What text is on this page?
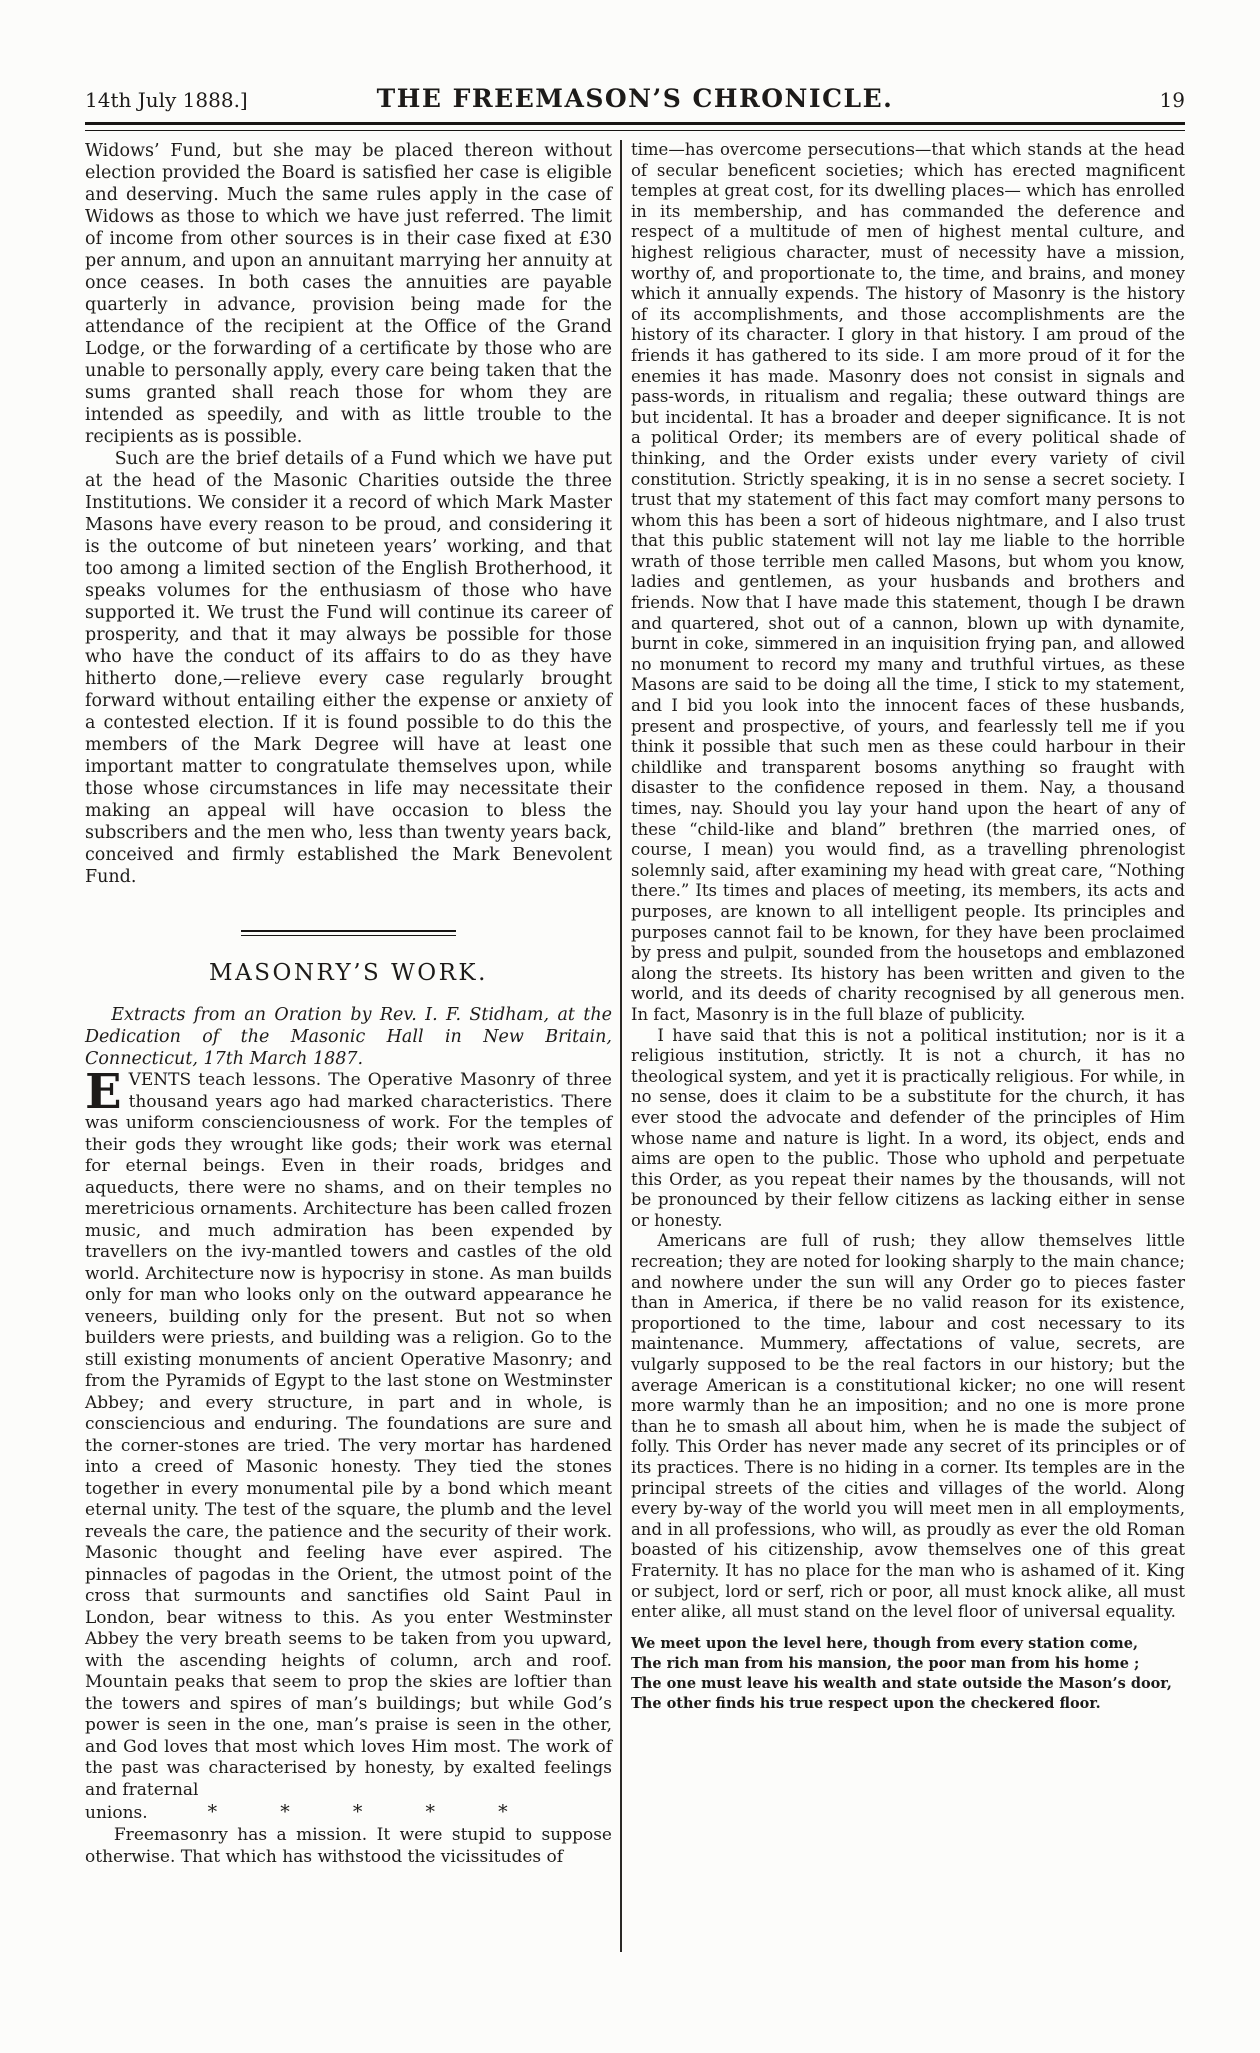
14th July 1888.]	THE FREEMASON’S CHRONICLE.	19

Widows’ Fund, but she may be placed thereon without election provided the Board is satisfied her case is eligible and deserving. Much the same rules apply in the case of Widows as those to which we have just referred. The limit of income from other sources is in their case fixed at £30 per annum, and upon an annuitant marrying her annuity at once ceases. In both cases the annuities are payable quarterly in advance, provision being made for the attendance of the recipient at the Office of the Grand Lodge, or the forwarding of a certificate by those who are unable to personally apply, every care being taken that the sums granted shall reach those for whom they are intended as speedily, and with as little trouble to the recipients as is possible.

Such are the brief details of a Fund which we have put at the head of the Masonic Charities outside the three Institutions. We consider it a record of which Mark Master Masons have every reason to be proud, and considering it is the outcome of but nineteen years’ working, and that too among a limited section of the English Brotherhood, it speaks volumes for the enthusiasm of those who have supported it. We trust the Fund will continue its career of prosperity, and that it may always be possible for those who have the conduct of its affairs to do as they have hitherto done,—relieve every case regularly brought forward without entailing either the expense or anxiety of a contested election. If it is found possible to do this the members of the Mark Degree will have at least one important matter to congratulate themselves upon, while those whose circumstances in life may necessitate their making an appeal will have occasion to bless the subscribers and the men who, less than twenty years back, conceived and firmly established the Mark Benevolent Fund.

MASONRY’S WORK.

Extracts from an Oration by Rev. I. F. Stidham, at the Dedication of the Masonic Hall in New Britain, Connecticut, 17th March 1887.

EVENTS teach lessons. The Operative Masonry of three thousand years ago had marked characteristics. There was uniform conscienciousness of work. For the temples of their gods they wrought like gods; their work was eternal for eternal beings. Even in their roads, bridges and aqueducts, there were no shams, and on their temples no meretricious ornaments. Architecture has been called frozen music, and much admiration has been expended by travellers on the ivy-mantled towers and castles of the old world. Architecture now is hypocrisy in stone. As man builds only for man who looks only on the outward appearance he veneers, building only for the present. But not so when builders were priests, and building was a religion. Go to the still existing monuments of ancient Operative Masonry; and from the Pyramids of Egypt to the last stone on Westminster Abbey; and every structure, in part and in whole, is consciencious and enduring. The foundations are sure and the corner-stones are tried. The very mortar has hardened into a creed of Masonic honesty. They tied the stones together in every monumental pile by a bond which meant eternal unity. The test of the square, the plumb and the level reveals the care, the patience and the security of their work. Masonic thought and feeling have ever aspired. The pinnacles of pagodas in the Orient, the utmost point of the cross that surmounts and sanctifies old Saint Paul in London, bear witness to this. As you enter Westminster Abbey the very breath seems to be taken from you upward, with the ascending heights of column, arch and roof. Mountain peaks that seem to prop the skies are loftier than the towers and spires of man’s buildings; but while God’s power is seen in the one, man’s praise is seen in the other, and God loves that most which loves Him most. The work of the past was characterised by honesty, by exalted feelings and fraternal

unions.	*	*	*	*	*

Freemasonry has a mission. It were stupid to suppose otherwise. That which has withstood the vicissitudes of

time—has overcome persecutions—that which stands at the head of secular beneficent societies; which has erected magnificent temples at great cost, for its dwelling places— which has enrolled in its membership, and has commanded the deference and respect of a multitude of men of highest mental culture, and highest religious character, must of necessity have a mission, worthy of, and proportionate to, the time, and brains, and money which it annually expends. The history of Masonry is the history of its accomplishments, and those accomplishments are the history of its character. I glory in that history. I am proud of the friends it has gathered to its side. I am more proud of it for the enemies it has made. Masonry does not consist in signals and pass-words, in ritualism and regalia; these outward things are but incidental. It has a broader and deeper significance. It is not a political Order; its members are of every political shade of thinking, and the Order exists under every variety of civil constitution. Strictly speaking, it is in no sense a secret society. I trust that my statement of this fact may comfort many persons to whom this has been a sort of hideous nightmare, and I also trust that this public statement will not lay me liable to the horrible wrath of those terrible men called Masons, but whom you know, ladies and gentlemen, as your husbands and brothers and friends. Now that I have made this statement, though I be drawn and quartered, shot out of a cannon, blown up with dynamite, burnt in coke, simmered in an inquisition frying pan, and allowed no monument to record my many and truthful virtues, as these Masons are said to be doing all the time, I stick to my statement, and I bid you look into the innocent faces of these husbands, present and prospective, of yours, and fearlessly tell me if you think it possible that such men as these could harbour in their childlike and transparent bosoms anything so fraught with disaster to the confidence reposed in them. Nay, a thousand times, nay. Should you lay your hand upon the heart of any of these “child-like and bland” brethren (the married ones, of course, I mean) you would find, as a travelling phrenologist solemnly said, after examining my head with great care, “Nothing there.” Its times and places of meeting, its members, its acts and purposes, are known to all intelligent people. Its principles and purposes cannot fail to be known, for they have been proclaimed by press and pulpit, sounded from the housetops and emblazoned along the streets. Its history has been written and given to the world, and its deeds of charity recognised by all generous men. In fact, Masonry is in the full blaze of publicity.

I have said that this is not a political institution; nor is it a religious institution, strictly. It is not a church, it has no theological system, and yet it is practically religious. For while, in no sense, does it claim to be a substitute for the church, it has ever stood the advocate and defender of the principles of Him whose name and nature is light. In a word, its object, ends and aims are open to the public. Those who uphold and perpetuate this Order, as you repeat their names by the thousands, will not be pronounced by their fellow citizens as lacking either in sense or honesty.

Americans are full of rush; they allow themselves little recreation; they are noted for looking sharply to the main chance; and nowhere under the sun will any Order go to pieces faster than in America, if there be no valid reason for its existence, proportioned to the time, labour and cost necessary to its maintenance. Mummery, affectations of value, secrets, are vulgarly supposed to be the real factors in our history; but the average American is a constitutional kicker; no one will resent more warmly than he an imposition; and no one is more prone than he to smash all about him, when he is made the subject of folly. This Order has never made any secret of its principles or of its practices. There is no hiding in a corner. Its temples are in the principal streets of the cities and villages of the world. Along every by-way of the world you will meet men in all employments, and in all professions, who will, as proudly as ever the old Roman boasted of his citizenship, avow themselves one of this great Fraternity. It has no place for the man who is ashamed of it. King or subject, lord or serf, rich or poor, all must knock alike, all must enter alike, all must stand on the level floor of universal equality.

We meet upon the level here, though from every station come,
The rich man from his mansion, the poor man from his home ;
The one must leave his wealth and state outside the Mason’s door,
The other finds his true respect upon the checkered floor.
